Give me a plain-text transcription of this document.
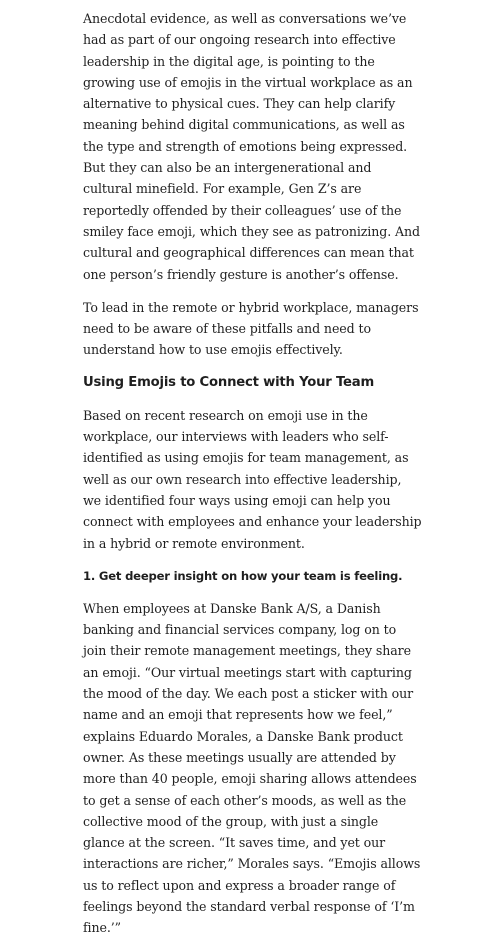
Anecdotal evidence, as well as conversations we’ve had as part of our ongoing research into effective leadership in the digital age, is pointing to the growing use of emojis in the virtual workplace as an alternative to physical cues. They can help clarify meaning behind digital communications, as well as the type and strength of emotions being expressed. But they can also be an intergenerational and cultural minefield. For example, Gen Z’s are reportedly offended by their colleagues’ use of the smiley face emoji, which they see as patronizing. And cultural and geographical differences can mean that one person’s friendly gesture is another’s offense.

To lead in the remote or hybrid workplace, managers need to be aware of these pitfalls and need to understand how to use emojis effectively.

Using Emojis to Connect with Your Team

Based on recent research on emoji use in the workplace, our interviews with leaders who self-identified as using emojis for team management, as well as our own research into effective leadership, we identified four ways using emoji can help you connect with employees and enhance your leadership in a hybrid or remote environment.

1. Get deeper insight on how your team is feeling.

When employees at Danske Bank A/S, a Danish banking and financial services company, log on to join their remote management meetings, they share an emoji. “Our virtual meetings start with capturing the mood of the day. We each post a sticker with our name and an emoji that represents how we feel,” explains Eduardo Morales, a Danske Bank product owner. As these meetings usually are attended by more than 40 people, emoji sharing allows attendees to get a sense of each other’s moods, as well as the collective mood of the group, with just a single glance at the screen. “It saves time, and yet our interactions are richer,” Morales says. “Emojis allows us to reflect upon and express a broader range of feelings beyond the standard verbal response of ‘I’m fine.’”
